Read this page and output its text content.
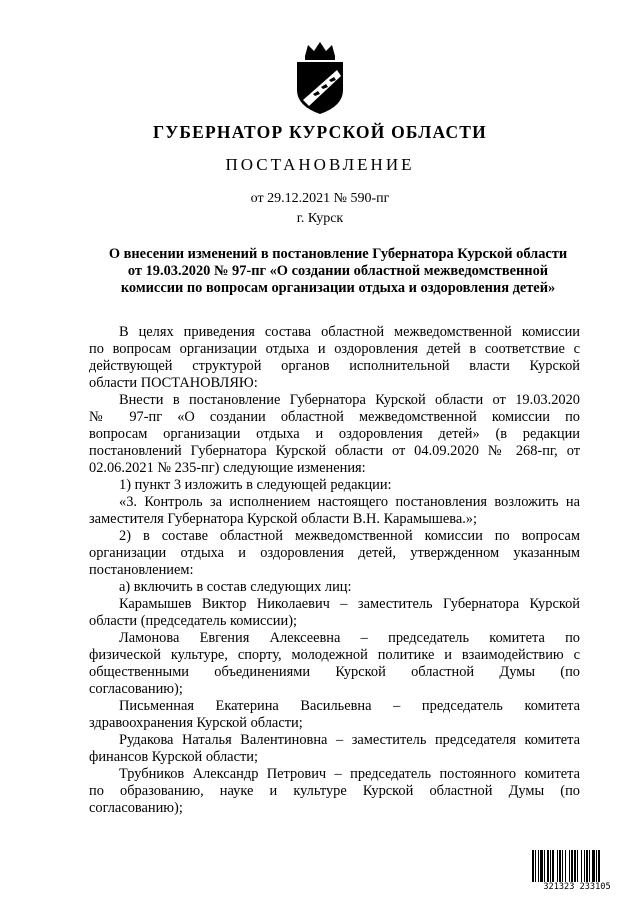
ГУБЕРНАТОР КУРСКОЙ ОБЛАСТИ
ПОСТАНОВЛЕНИЕ
от 29.12.2021 № 590-пг
г. Курск
О внесении изменений в постановление Губернатора Курской области
от 19.03.2020 № 97-пг «О создании областной межведомственной
комиссии по вопросам организации отдыха и оздоровления детей»
В целях приведения состава областной межведомственной комиссии
по вопросам организации отдыха и оздоровления детей в соответствие с
действующей структурой органов исполнительной власти Курской
области ПОСТАНОВЛЯЮ:
Внести в постановление Губернатора Курской области от 19.03.2020
№ 97-пг «О создании областной межведомственной комиссии по
вопросам организации отдыха и оздоровления детей» (в редакции
постановлений Губернатора Курской области от 04.09.2020 № 268-пг, от
02.06.2021 № 235-пг) следующие изменения:
1) пункт 3 изложить в следующей редакции:
«3. Контроль за исполнением настоящего постановления возложить на
заместителя Губернатора Курской области В.Н. Карамышева.»;
2) в составе областной межведомственной комиссии по вопросам
организации отдыха и оздоровления детей, утвержденном указанным
постановлением:
а) включить в состав следующих лиц:
Карамышев Виктор Николаевич – заместитель Губернатора Курской
области (председатель комиссии);
Ламонова Евгения Алексеевна – председатель комитета по
физической культуре, спорту, молодежной политике и взаимодействию с
общественными объединениями Курской областной Думы (по
согласованию);
Письменная Екатерина Васильевна – председатель комитета
здравоохранения Курской области;
Рудакова Наталья Валентиновна – заместитель председателя комитета
финансов Курской области;
Трубников Александр Петрович – председатель постоянного комитета
по образованию, науке и культуре Курской областной Думы (по
согласованию);
321323 233105
